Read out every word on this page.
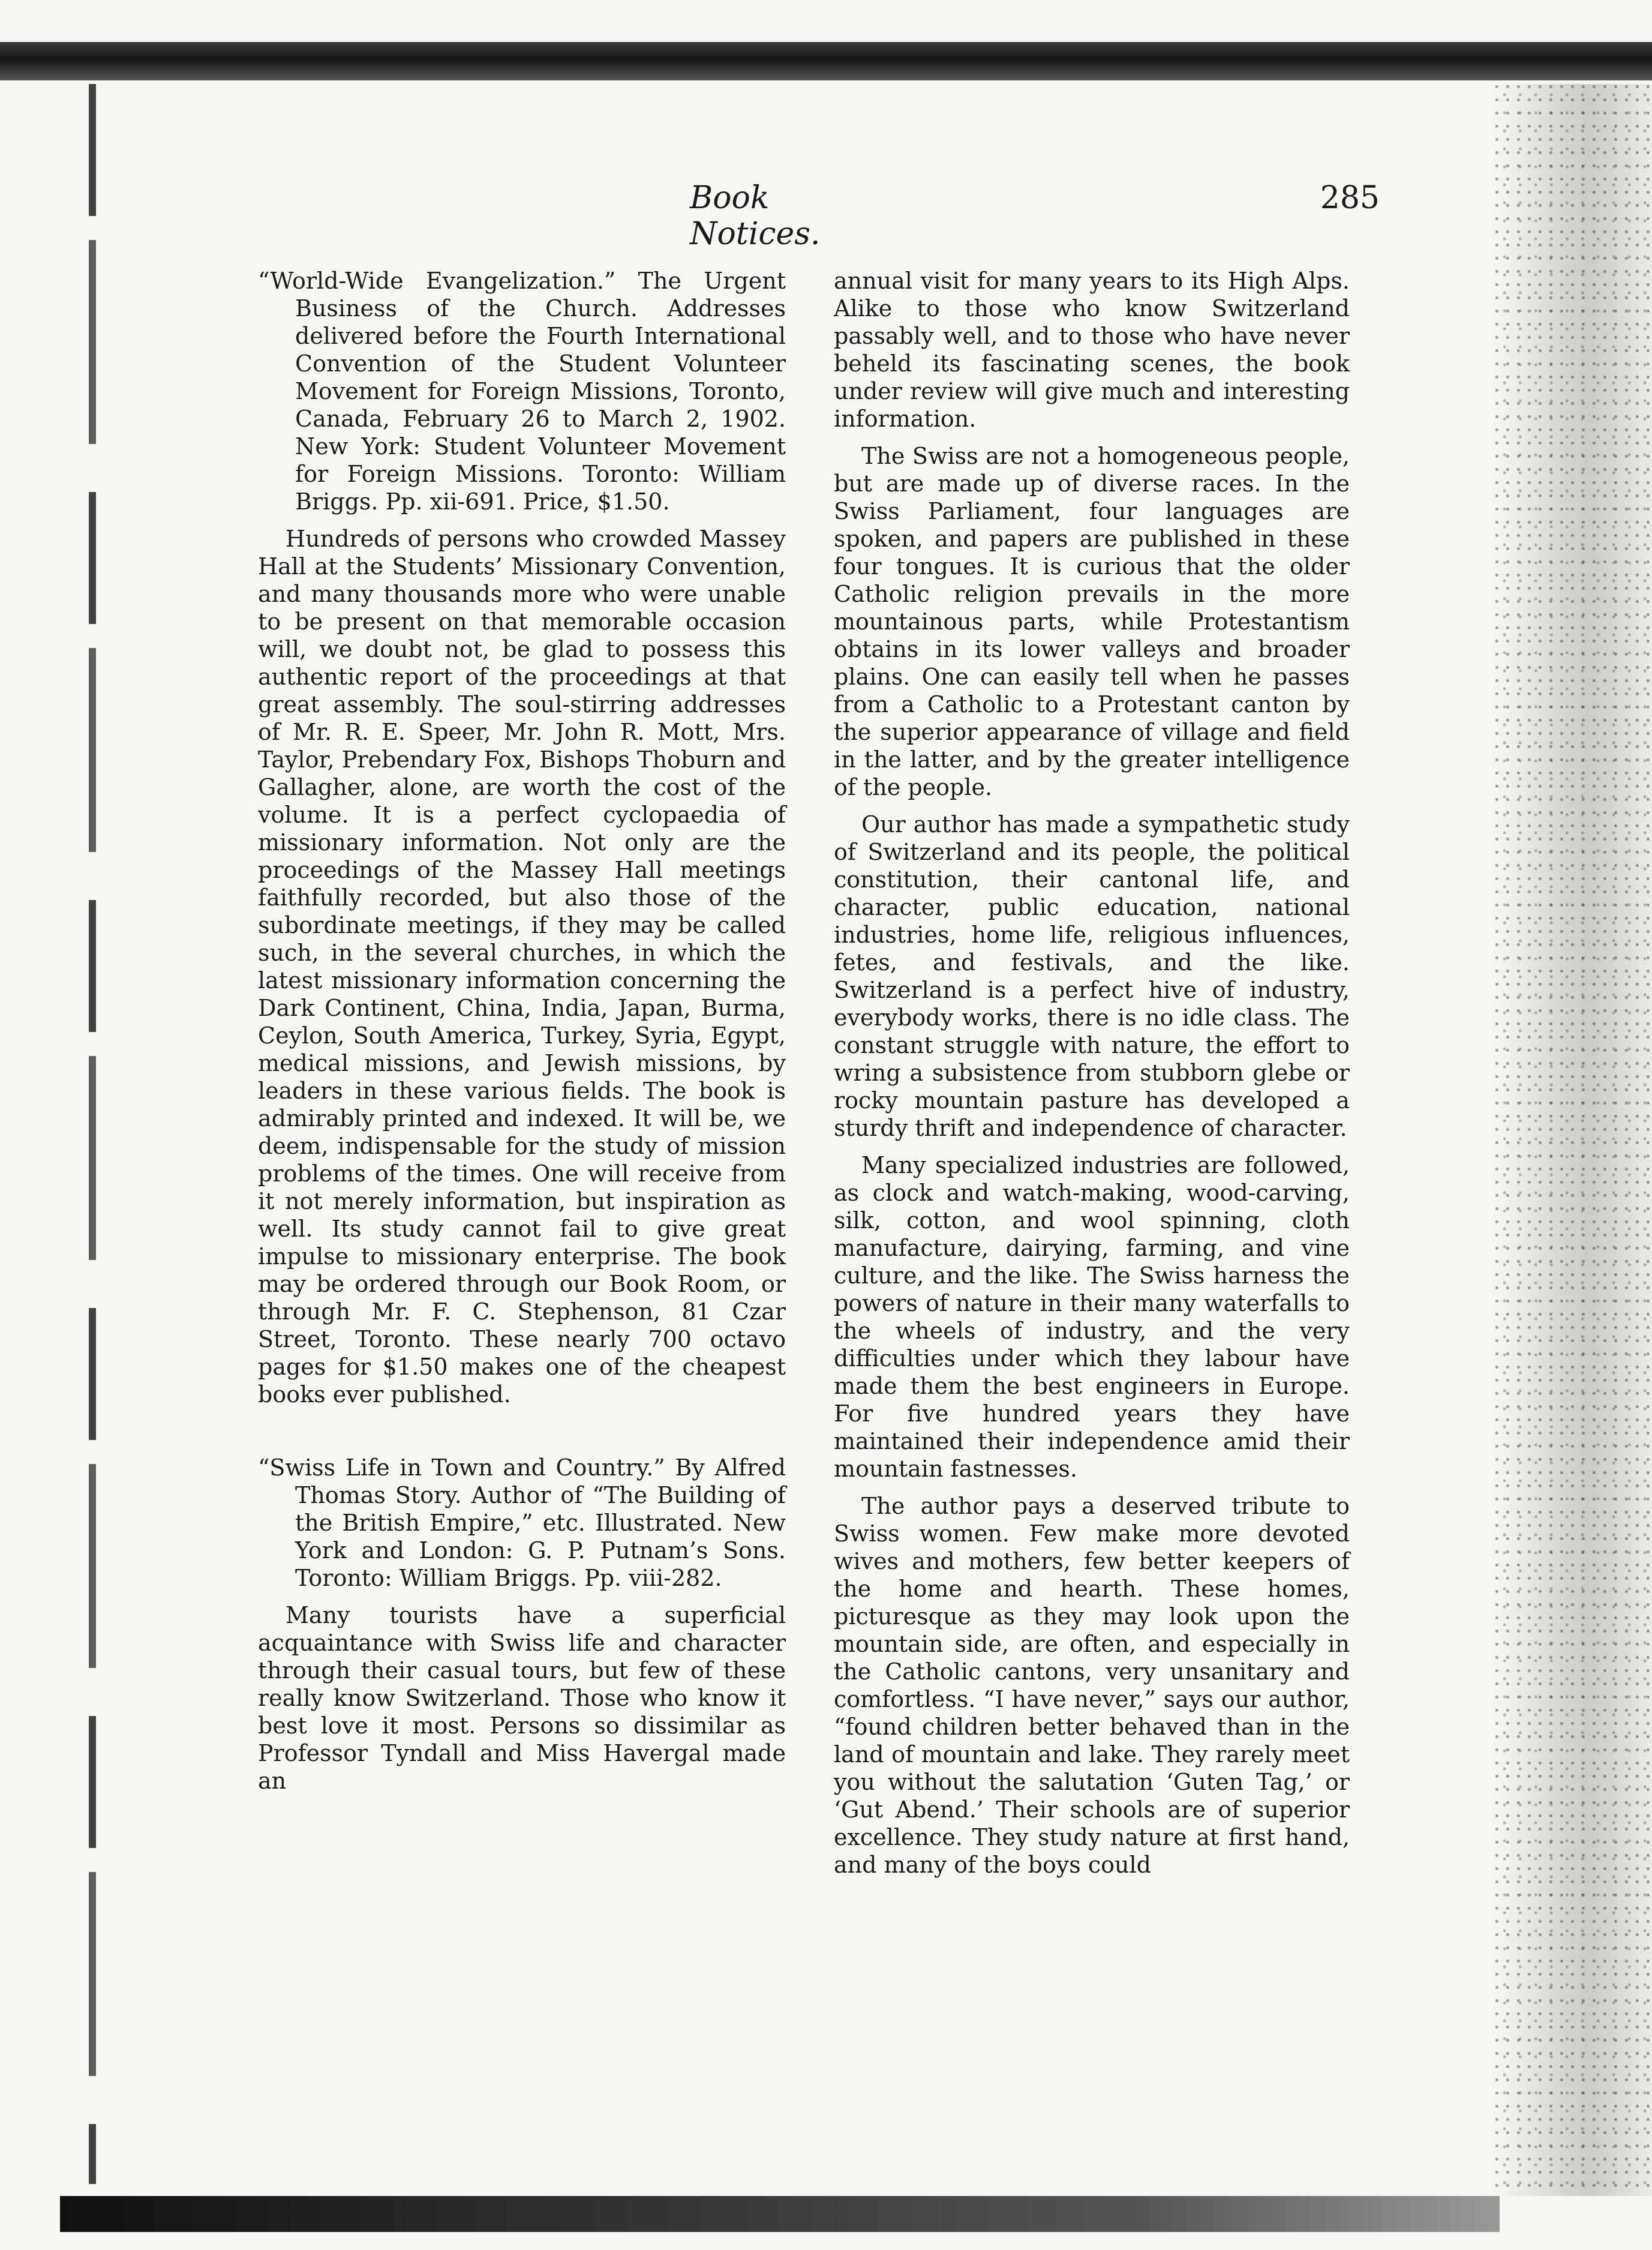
Book Notices.
285

“World-Wide Evangelization.” The Urgent Business of the Church. Addresses delivered before the Fourth International Convention of the Student Volunteer Movement for Foreign Missions, Toronto, Canada, February 26 to March 2, 1902. New York: Student Volunteer Movement for Foreign Missions. Toronto: William Briggs. Pp. xii-691. Price, $1.50.

Hundreds of persons who crowded Massey Hall at the Students’ Missionary Convention, and many thousands more who were unable to be present on that memorable occasion will, we doubt not, be glad to possess this authentic report of the proceedings at that great assembly. The soul-stirring addresses of Mr. R. E. Speer, Mr. John R. Mott, Mrs. Taylor, Prebendary Fox, Bishops Thoburn and Gallagher, alone, are worth the cost of the volume. It is a perfect cyclopaedia of missionary information. Not only are the proceedings of the Massey Hall meetings faithfully recorded, but also those of the subordinate meetings, if they may be called such, in the several churches, in which the latest missionary information concerning the Dark Continent, China, India, Japan, Burma, Ceylon, South America, Turkey, Syria, Egypt, medical missions, and Jewish missions, by leaders in these various fields. The book is admirably printed and indexed. It will be, we deem, indispensable for the study of mission problems of the times. One will receive from it not merely information, but inspiration as well. Its study cannot fail to give great impulse to missionary enterprise. The book may be ordered through our Book Room, or through Mr. F. C. Stephenson, 81 Czar Street, Toronto. These nearly 700 octavo pages for $1.50 makes one of the cheapest books ever published.

“Swiss Life in Town and Country.” By Alfred Thomas Story. Author of “The Building of the British Empire,” etc. Illustrated. New York and London: G. P. Putnam’s Sons. Toronto: William Briggs. Pp. viii-282.

Many tourists have a superficial acquaintance with Swiss life and character through their casual tours, but few of these really know Switzerland. Those who know it best love it most. Persons so dissimilar as Professor Tyndall and Miss Havergal made an

annual visit for many years to its High Alps. Alike to those who know Switzerland passably well, and to those who have never beheld its fascinating scenes, the book under review will give much and interesting information.

The Swiss are not a homogeneous people, but are made up of diverse races. In the Swiss Parliament, four languages are spoken, and papers are published in these four tongues. It is curious that the older Catholic religion prevails in the more mountainous parts, while Protestantism obtains in its lower valleys and broader plains. One can easily tell when he passes from a Catholic to a Protestant canton by the superior appearance of village and field in the latter, and by the greater intelligence of the people.

Our author has made a sympathetic study of Switzerland and its people, the political constitution, their cantonal life, and character, public education, national industries, home life, religious influences, fetes, and festivals, and the like. Switzerland is a perfect hive of industry, everybody works, there is no idle class. The constant struggle with nature, the effort to wring a subsistence from stubborn glebe or rocky mountain pasture has developed a sturdy thrift and independence of character.

Many specialized industries are followed, as clock and watch-making, wood-carving, silk, cotton, and wool spinning, cloth manufacture, dairying, farming, and vine culture, and the like. The Swiss harness the powers of nature in their many waterfalls to the wheels of industry, and the very difficulties under which they labour have made them the best engineers in Europe. For five hundred years they have maintained their independence amid their mountain fastnesses.

The author pays a deserved tribute to Swiss women. Few make more devoted wives and mothers, few better keepers of the home and hearth. These homes, picturesque as they may look upon the mountain side, are often, and especially in the Catholic cantons, very unsanitary and comfortless. “I have never,” says our author, “found children better behaved than in the land of mountain and lake. They rarely meet you without the salutation ‘Guten Tag,’ or ‘Gut Abend.’ Their schools are of superior excellence. They study nature at first hand, and many of the boys could
